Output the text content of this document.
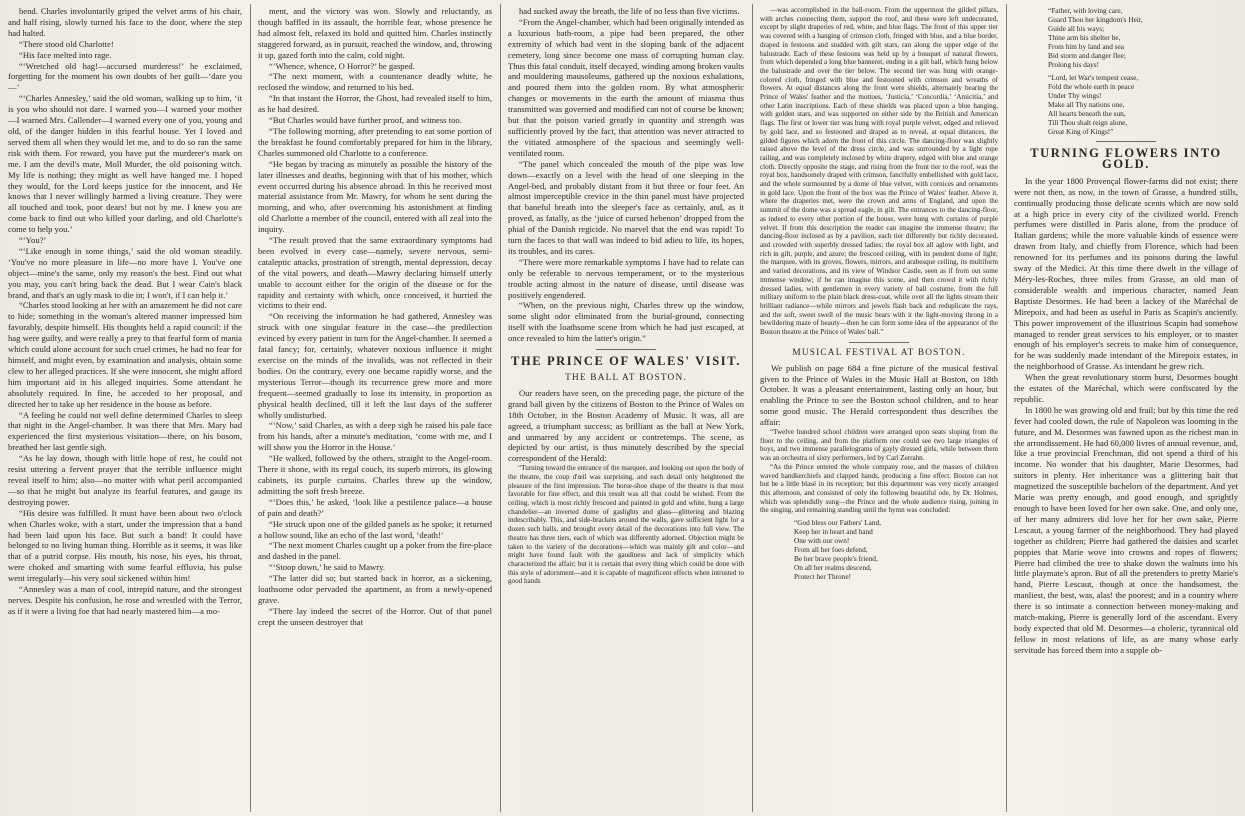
bend. Charles involuntarily griped the velvet arms of his chair, and half rising, slowly turned his face to the door, where the step had halted.

“There stood old Charlotte!

“His face melted into rage.

“‘Wretched old hag!—accursed murderess!’ he exclaimed, forgetting for the moment his own doubts of her guilt—‘dare you—’

“‘Charles Annesley,’ said the old woman, walking up to him, ‘it is you who should not dare. I warned you—I warned your mother—I warned Mrs. Callender—I warned every one of you, young and old, of the danger hidden in this fearful house. Yet I loved and served them all when they would let me, and to do so ran the same risk with them. For reward, you have put the murderer's mark on me. I am the devil's mate, Moll Murder, the old poisoning witch. My life is nothing; they might as well have hanged me. I hoped they would, for the Lord keeps justice for the innocent, and He knows that I never willingly harmed a living creature. They were all touched and took, poor dears! but not by me. I knew you are come back to find out who killed your darling, and old Charlotte's come to help you.’

“‘You?’

“‘Like enough in some things,’ said the old woman steadily. ‘You've no more pleasure in life—no more have I. You've one object—mine's the same, only my reason's the best. Find out what you may, you can't bring back the dead. But I wear Cain's black brand, and that's an ugly mask to die in; I won't, if I can help it.’

“Charles stood looking at her with an amazement he did not care to hide; something in the woman's altered manner impressed him favorably, despite himself. His thoughts held a rapid council: if the hag were guilty, and were really a prey to that fearful form of mania which could alone account for such cruel crimes, he had no fear for himself, and might even, by examination and analysis, obtain some clew to her alleged practices. If she were innocent, she might afford him important aid in his alleged inquiries. Some attendant he absolutely required. In fine, he acceded to her proposal, and directed her to take up her residence in the house as before.

“A feeling he could not well define determined Charles to sleep that night in the Angel-chamber. It was there that Mrs. Mary had experienced the first mysterious visitation—there, on his bosom, breathed her last gentle sigh.

“As he lay down, though with little hope of rest, he could not resist uttering a fervent prayer that the terrible influence might reveal itself to him; also—no matter with what peril accompanied—so that he might but analyze its fearful features, and gauge its destroying power.

“His desire was fulfilled. It must have been about two o'clock when Charles woke, with a start, under the impression that a band had been laid upon his face. But such a band! It could have belonged to no living human thing. Horrible as it seems, it was like that of a putrid corpse. His mouth, his nose, his eyes, his throat, were choked and smarting with some fearful effluvia, his pulse went irregularly—his very soul sickened within him!

“Annesley was a man of cool, intrepid nature, and the strongest nerves. Despite his confusion, he rose and wrestled with the Terror, as if it were a living foe that had nearly mastered him—a mo-

ment, and the victory was won. Slowly and reluctantly, as though baffled in its assault, the horrible fear, whose presence he had almost felt, relaxed its hold and quitted him. Charles instinctly staggered forward, as in pursuit, reached the window, and, throwing it up, gazed forth into the calm, cold night.

“‘Whence, whence, O Horror?’ he gasped.

“The next moment, with a countenance deadly white, he reclosed the window, and returned to his bed.

“In that instant the Horror, the Ghost, had revealed itself to him, as he had desired.

“But Charles would have further proof, and witness too.

“The following morning, after pretending to eat some portion of the breakfast he found comfortably prepared for him in the library, Charles summoned old Charlotte to a conference.

“He began by tracing as minutely as possible the history of the later illnesses and deaths, beginning with that of his mother, which event occurred during his absence abroad. In this he received most material assistance from Mr. Mawry, for whom he sent during the morning, and who, after overcoming his astonishment at finding old Charlotte a member of the council, entered with all zeal into the inquiry.

“The result proved that the same extraordinary symptoms had been evolved in every case—namely, severe nervous, semi-cataleptic attacks, prostration of strength, mental depression, decay of the vital powers, and death—Mawry declaring himself utterly unable to account either for the origin of the disease or for the rapidity and certainty with which, once conceived, it hurried the victims to their end.

“On receiving the information he had gathered, Annesley was struck with one singular feature in the case—the predilection evinced by every patient in turn for the Angel-chamber. It seemed a fatal fancy; for, certainly, whatever noxious influence it might exercise on the minds of the invalids, was not reflected in their bodies. On the contrary, every one became rapidly worse, and the mysterious Terror—though its recurrence grew more and more frequent—seemed gradually to lose its intensity, in proportion as physical health declined, till it left the last days of the sufferer wholly undisturbed.

“‘Now,’ said Charles, as with a deep sigh he raised his pale face from his hands, after a minute's meditation, ‘come with me, and I will show you the Horror in the House.’

“He walked, followed by the others, straight to the Angel-room. There it shone, with its regal couch, its superb mirrors, its glowing cabinets, its purple curtains. Charles threw up the window, admitting the soft fresh breeze.

“‘Does this,’ he asked, ‘look like a pestilence palace—a house of pain and death?’

“He struck upon one of the gilded panels as he spoke; it returned a hollow sound, like an echo of the last word, ‘death!’

“The next moment Charles caught up a poker from the fire-place and dashed in the panel.

“‘Stoop down,’ he said to Mawry.

“The latter did so; but started back in horror, as a sickening, loathsome odor pervaded the apartment, as from a newly-opened grave.

“There lay indeed the secret of the Horror. Out of that panel crept the unseen destroyer that

had sucked away the breath, the life of no less than five victims.

“From the Angel-chamber, which had been originally intended as a luxurious bath-room, a pipe had been prepared, the other extremity of which had vent in the sloping bank of the adjacent cemetery, long since become one mass of corrupting human clay. Thus this fatal conduit, itself decayed, winding among broken vaults and mouldering mausoleums, gathered up the noxious exhalations, and poured them into the golden room. By what atmospheric changes or movements in the earth the amount of miasma thus transmitted was governed and modified can not of course be known; but that the poison varied greatly in quantity and strength was sufficiently proved by the fact, that attention was never attracted to the vitiated atmosphere of the spacious and seemingly well-ventilated room.

“The panel which concealed the mouth of the pipe was low down—exactly on a level with the head of one sleeping in the Angel-bed, and probably distant from it but three or four feet. An almost imperceptible crevice in the thin panel must have projected that baneful breath into the sleeper's face as certainly, and, as it proved, as fatally, as the ‘juice of cursed hebenon’ dropped from the phial of the Danish regicide. No marvel that the end was rapid! To turn the faces to that wall was indeed to bid adieu to life, its hopes, its troubles, and its cares.

“There were more remarkable symptoms I have had to relate can only be referable to nervous temperament, or to the mysterious trouble acting almost in the nature of disease, until disease was positively engendered.

“When, on the previous night, Charles threw up the window, some slight odor eliminated from the burial-ground, connecting itself with the loathsome scene from which he had just escaped, at once revealed to him the latter's origin.”

THE PRINCE OF WALES' VISIT.
THE BALL AT BOSTON.

Our readers have seen, on the preceding page, the picture of the grand ball given by the citizens of Boston to the Prince of Wales on 18th October, in the Boston Academy of Music. It was, all are agreed, a triumphant success; as brilliant as the ball at New York, and unmarred by any accident or contretemps. The scene, as depicted by our artist, is thus minutely described by the special correspondent of the Herald:

“Turning toward the entrance of the marquee, and looking out upon the body of the theatre, the coup d'œil was surprising, and each detail only heightened the pleasure of the first impression. The horse-shoe shape of the theatre is that most favorable for fine effect, and this result was all that could be wished. From the ceiling, which is most richly frescoed and painted in gold and white, hung a large chandelier—an inverted dome of gaslights and glass—glittering and blazing indescribably. This, and side-brackets around the walls, gave sufficient light for a dozen such balls, and brought every detail of the decorations into full view. The theatre has three tiers, each of which was differently adorned. Objection might be taken to the variety of the decorations—which was mainly gilt and color—and might have found fault with the gaudiness and lack of simplicity which characterized the affair; but it is certain that every thing which could be done with this style of adornment—and it is capable of magnificent effects when intrusted to good hands

—was accomplished in the ball-room. From the uppermost the gilded pillars, with arches connecting them, support the roof, and these were left undecorated, except by slight draperies of red, white, and blue flags. The front of this upper tier was covered with a hanging of crimson cloth, fringed with blue, and a blue border, draped in festoons and studded with gilt stars, ran along the upper edge of the balustrade. Each of these festoons was held up by a bouquet of natural flowers, from which depended a long blue banneret, ending in a gilt ball, which hung below the balustrade and over the tier below. The second tier was hung with orange-colored cloth, fringed with blue and festooned with crimson and wreaths of flowers. At equal distances along the front were shields, alternately bearing the Prince of Wales' feather and the mottoes, ‘Justicia,’ ‘Concordia,’ ‘Amicitia,’ and other Latin inscriptions. Each of these shields was placed upon a blue hanging, with golden stars, and was supported on either side by the British and American flags. The first or lower tier was hung with royal purple velvet, edged and relieved by gold lace, and so festooned and draped as to reveal, at equal distances, the gilded figures which adorn the front of this circle. The dancing-floor was slightly raised above the level of the dress circle, and was surrounded by a light rope railing, and was completely inclosed by white drapery, edged with blue and orange cloth. Directly opposite the stage, and rising from the front tier to the roof, was the royal box, handsomely draped with crimson, fancifully embellished with gold lace, and the whole surmounted by a dome of blue velvet, with cornices and ornaments in gold lace. Upon the front of the box was the Prince of Wales' feather. Above it, where the draperies met, were the crown and arms of England, and upon the summit of the dome was a spread eagle, in gilt. The entrances to the dancing-floor, as indeed to every other portion of the house, were hung with curtains of purple velvet. If from this description the reader can imagine the immense theatre; the dancing-floor inclosed as by a pavilion, each tier differently but richly decorated, and crowded with superbly dressed ladies; the royal box all aglow with light, and rich in gilt, purple, and azure; the frescoed ceiling, with its pendent dome of light; the marquee, with its groves, flowers, mirrors, and arabesque ceiling, its multiform and varied decorations, and its view of Windsor Castle, seen as if from out some immense window; if he can imagine this scene, and then crowd it with richly dressed ladies, with gentlemen in every variety of ball costume, from the full military uniform to the plain black dress-coat, while over all the lights stream their brilliant radiance—while mirrors and jewels flash back and reduplicate the rays, and the soft, sweet swell of the music bears with it the light-moving throng in a bewildering maze of beauty—then he can form some idea of the appearance of the Boston theatre at the Prince of Wales' ball.”

MUSICAL FESTIVAL AT BOSTON.

We publish on page 684 a fine picture of the musical festival given to the Prince of Wales in the Music Hall at Boston, on 18th October. It was a pleasant entertainment, lasting only an hour, but enabling the Prince to see the Boston school children, and to hear some good music. The Herald correspondent thus describes the affair:

“Twelve hundred school children were arranged upon seats sloping from the floor to the ceiling, and from the platform one could see two large triangles of boys, and two immense parallelograms of gayly dressed girls, while between them was an orchestra of sixty performers, led by Carl Zerrahn.

“As the Prince entered the whole company rose, and the masses of children waved handkerchiefs and clapped hands, producing a fine effect. Boston can not but be a little blasé in its reception; but this department was very nicely arranged this afternoon, and consisted of only the following beautiful ode, by Dr. Holmes, which was splendidly sung—the Prince and the whole audience rising, joining in the singing, and remaining standing until the hymn was concluded:

“God bless our Fathers' Land,
Keep her in heart and hand
One with our own!
From all her foes defend,
Be her brave people's friend,
On all her realms descend,
Protect her Throne!
“Father, with loving care,
Guard Thou her kingdom's Heir,
Guide all his ways;
Thine arm his shelter be,
From him by land and sea
Bid storm and danger flee;
Prolong his days!
“Lord, let War's tempest cease,
Fold the whole earth in peace
Under Thy wings!
Make all Thy nations one,
All hearts beneath the sun,
Till Thou shalt reign alone,
Great King of Kings!”
TURNING FLOWERS INTO GOLD.

In the year 1800 Provençal flower-farms did not exist; there were not then, as now, in the town of Grasse, a hundred stills, continually producing those delicate scents which are now sold at a high price in every city of the civilized world. French perfumes were distilled in Paris alone, from the produce of Italian gardens; while the more valuable kinds of essence were drawn from Italy, and chiefly from Florence, which had been renowned for its perfumes and its poisons during the lawful sway of the Medici. At this time there dwelt in the village of Méry-les-Roches, three miles from Grasse, an old man of considerable wealth and imperious character, named Jean Baptiste Desormes. He had been a lackey of the Maréchal de Mirepoix, and had been as useful in Paris as Scapin's anciently. This power improvement of the illustrious Scapin had somehow managed to render great services to his employer, or to master enough of his employer's secrets to make him of consequence, for he was suddenly made intendant of the Mirepoix estates, in the neighborhood of Grasse. As intendant he grew rich.

When the great revolutionary storm burst, Desormes bought the estates of the Maréchal, which were confiscated by the republic.

In 1800 he was growing old and frail; but by this time the red fever had cooled down, the rule of Napoleon was looming in the future, and M. Desormes was fawned upon as the richest man in the arrondissement. He had 60,000 livres of annual revenue, and, like a true provincial Frenchman, did not spend a third of his income. No wonder that his daughter, Marie Desormes, had suitors in plenty. Her inheritance was a glittering bait that magnetized the susceptible bachelors of the department. And yet Marie was pretty enough, and good enough, and sprightly enough to have been loved for her own sake. One, and only one, of her many admirers did love her for her own sake, Pierre Lescaut, a young farmer of the neighborhood. They had played together as children; Pierre had gathered the daisies and scarlet poppies that Marie wove into crowns and ropes of flowers; Pierre had climbed the tree to shake down the walnuts into his little playmate's apron. But of all the pretenders to pretty Marie's hand, Pierre Lescaut, though at once the handsomest, the manliest, the best, was, alas! the poorest; and in a country where there is so intimate a connection between money-making and match-making, Pierre is generally lord of the ascendant. Every body expected that old M. Desormes—a choleric, tyrannical old fellow in most relations of life, as are many whose early servitude has forced them into a supple ob-
